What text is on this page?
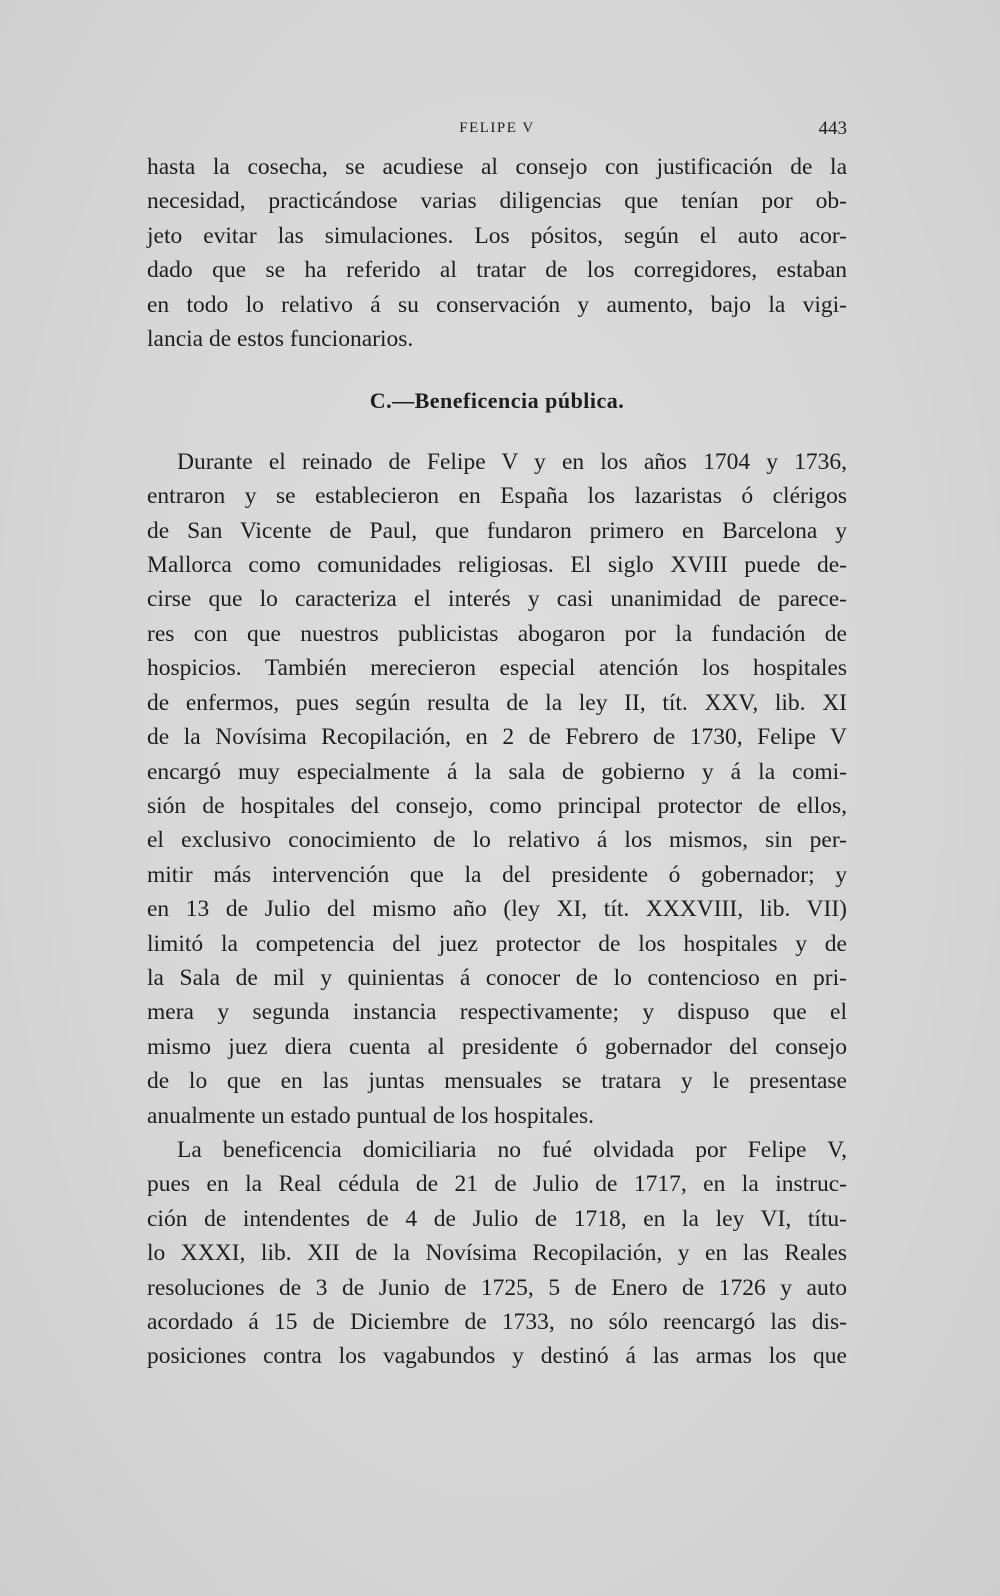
FELIPE V	443
hasta la cosecha, se acudiese al consejo con justificación de la
necesidad, practicándose varias diligencias que tenían por ob-
jeto evitar las simulaciones. Los pósitos, según el auto acor-
dado que se ha referido al tratar de los corregidores, estaban
en todo lo relativo á su conservación y aumento, bajo la vigi-
lancia de estos funcionarios.
C.—Beneficencia pública.
Durante el reinado de Felipe V y en los años 1704 y 1736,
entraron y se establecieron en España los lazaristas ó clérigos
de San Vicente de Paul, que fundaron primero en Barcelona y
Mallorca como comunidades religiosas. El siglo XVIII puede de-
cirse que lo caracteriza el interés y casi unanimidad de parece-
res con que nuestros publicistas abogaron por la fundación de
hospicios. También merecieron especial atención los hospitales
de enfermos, pues según resulta de la ley II, tít. XXV, lib. XI
de la Novísima Recopilación, en 2 de Febrero de 1730, Felipe V
encargó muy especialmente á la sala de gobierno y á la comi-
sión de hospitales del consejo, como principal protector de ellos,
el exclusivo conocimiento de lo relativo á los mismos, sin per-
mitir más intervención que la del presidente ó gobernador; y
en 13 de Julio del mismo año (ley XI, tít. XXXVIII, lib. VII)
limitó la competencia del juez protector de los hospitales y de
la Sala de mil y quinientas á conocer de lo contencioso en pri-
mera y segunda instancia respectivamente; y dispuso que el
mismo juez diera cuenta al presidente ó gobernador del consejo
de lo que en las juntas mensuales se tratara y le presentase
anualmente un estado puntual de los hospitales.
La beneficencia domiciliaria no fué olvidada por Felipe V,
pues en la Real cédula de 21 de Julio de 1717, en la instruc-
ción de intendentes de 4 de Julio de 1718, en la ley VI, títu-
lo XXXI, lib. XII de la Novísima Recopilación, y en las Reales
resoluciones de 3 de Junio de 1725, 5 de Enero de 1726 y auto
acordado á 15 de Diciembre de 1733, no sólo reencargó las dis-
posiciones contra los vagabundos y destinó á las armas los que
